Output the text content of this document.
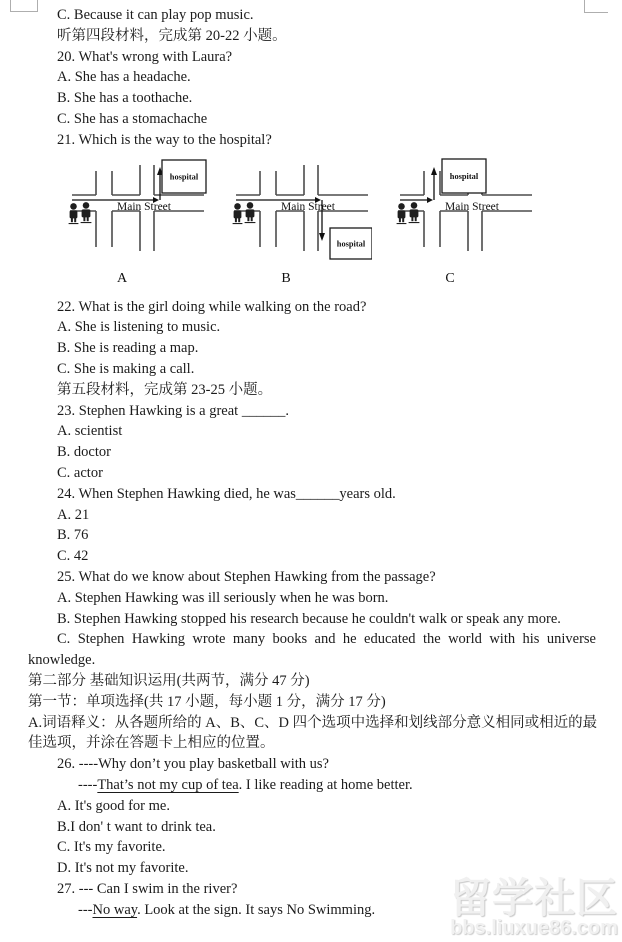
C. Because it can play pop music.
听第四段材料，完成第 20-22 小题。
20. What's wrong with Laura?
A. She has a headache.
B. She has a toothache.
C. She has a stomachache
21. Which is the way to the hospital?
hospital
Main Street
A
hospital
Main Street
B
hospital
Main Street
C
22. What is the girl doing while walking on the road?
A. She is listening to music.
B. She is reading a map.
C. She is making a call.
第五段材料，完成第 23-25 小题。
23. Stephen Hawking is a great ______.
A. scientist
B. doctor
C. actor
24. When Stephen Hawking died, he was______years old.
A. 21
B. 76
C. 42
25. What do we know about Stephen Hawking from the passage?
A. Stephen Hawking was ill seriously when he was born.
B. Stephen Hawking stopped his research because he couldn't walk or speak any more.
C. Stephen Hawking wrote many books and he educated the world with his universe
knowledge.
第二部分 基础知识运用(共两节，满分 47 分)
第一节：单项选择(共 17 小题，每小题 1 分，满分 17 分)
A.词语释义：从各题所给的 A、B、C、D 四个选项中选择和划线部分意义相同或相近的最
佳选项，并涂在答题卡上相应的位置。
26. ----Why don’t you play basketball with us?
----That’s not my cup of tea. I like reading at home better.
A. It's good for me.
B.I don' t want to drink tea.
C. It's my favorite.
D. It's not my favorite.
27. --- Can I swim in the river?
---No way. Look at the sign. It says No Swimming.	留学社区
bbs.liuxue86.com
